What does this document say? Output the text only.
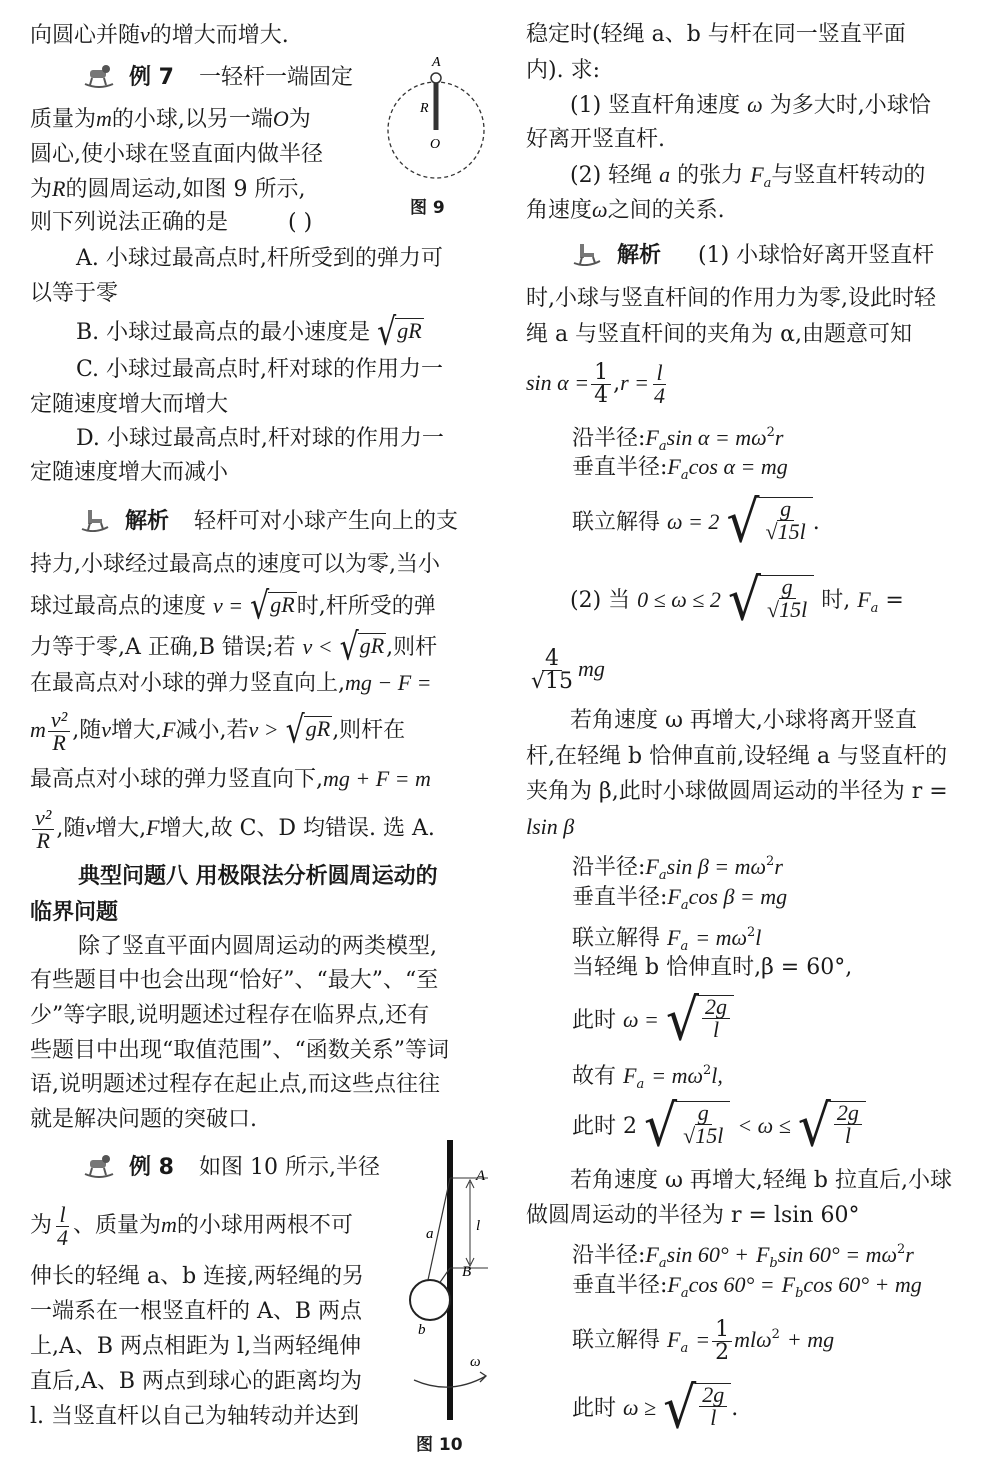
向圆心并随v的增大而增大.
例 7 一轻杆一端固定
质量为m的小球,以另一端O为
圆心,使小球在竖直面内做半径
为R的圆周运动,如图 9 所示,
则下列说法正确的是	( )
A
R
O
图 9
A. 小球过最高点时,杆所受到的弹力可
以等于零
B. 小球过最高点的最小速度是 √ gR
C. 小球过最高点时,杆对球的作用力一
定随速度增大而增大
D. 小球过最高点时,杆对球的作用力一
定随速度增大而减小
解析 轻杆可对小球产生向上的支
持力,小球经过最高点的速度可以为零,当小
球过最高点的速度 v = √ gR 时,杆所受的弹
力等于零,A 正确,B 错误;若 v < √ gR ,则杆
在最高点对小球的弹力竖直向上,mg − F =
m $\frac{\text{v²}}{R}$ ,随v增大,F减小,若v > √ gR ,则杆在
最高点对小球的弹力竖直向下,mg + F = m
$\frac{\text{v²}}{R}$ ,随v增大,F增大,故 C、D 均错误. 选 A.
典型问题八 用极限法分析圆周运动的
临界问题
除了竖直平面内圆周运动的两类模型,
有些题目中也会出现“恰好”、“最大”、“至
少”等字眼,说明题述过程存在临界点,还有
些题目中出现“取值范围”、“函数关系”等词
语,说明题述过程存在起止点,而这些点往往
就是解决问题的突破口.
例 8 如图 10 所示,半径
为 $\frac{l}{4}$ 、质量为m的小球用两根不可
伸长的轻绳 a、b 连接,两轻绳的另
一端系在一根竖直杆的 A、B 两点
上,A、B 两点相距为 l,当两轻绳伸
直后,A、B 两点到球心的距离均为
l. 当竖直杆以自己为轴转动并达到
A
B
a
b
l
ω
图 10
稳定时(轻绳 a、b 与杆在同一竖直平面
内). 求:
(1) 竖直杆角速度 ω 为多大时,小球恰
好离开竖直杆.
(2) 轻绳 a 的张力 $F_a$与竖直杆转动的
角速度ω之间的关系.
解析 (1) 小球恰好离开竖直杆
时,小球与竖直杆间的作用力为零,设此时轻
绳 a 与竖直杆间的夹角为 α,由题意可知
$\sin \alpha = \frac{1}{4} ,r = \frac{l}{4}$
沿半径$:F_a\sin$ $\alpha = m\omega^2r$
垂直半径$:F_a\cos$ α = mg
联立解得 ω = 2 √ $\frac{g}{√15l}$ .
(2) 当 0 ≤ ω ≤ 2 √ $\frac{g}{√15l}$ 时, $F_a$ =
$\frac{4}{√15}$ mg
若角速度 ω 再增大,小球将离开竖直
杆,在轻绳 b 恰伸直前,设轻绳 a 与竖直杆的
夹角为 β,此时小球做圆周运动的半径为 r =
lsin β
沿半径$:F_a\sin$ $\beta = m\omega^2r$
垂直半径$:F_a\cos$ β = mg
联立解得 $F_a = m\omega^2l$
当轻绳 b 恰伸直时,β = 60°,
此时 ω = √ $\frac{2g}{l}$
故有 $F_a = m\omega^2l$,
此时 2 √ $\frac{g}{√15l} < \omega$ ≤ √ $\frac{2g}{l}$
若角速度 ω 再增大,轻绳 b 拉直后,小球
做圆周运动的半径为 r = lsin 60°
沿半径$:F_a\sin$ $60^\circ + F_b\sin$ $60^\circ = m\omega^2r$
垂直半径$:F_a\cos$ $60^\circ = F_b\cos$ 60° + mg
联立解得 $F_a = \frac{1}{2} ml\omega^2$ + mg
此时 ω ≥ √ $\frac{2g}{l}$ .
